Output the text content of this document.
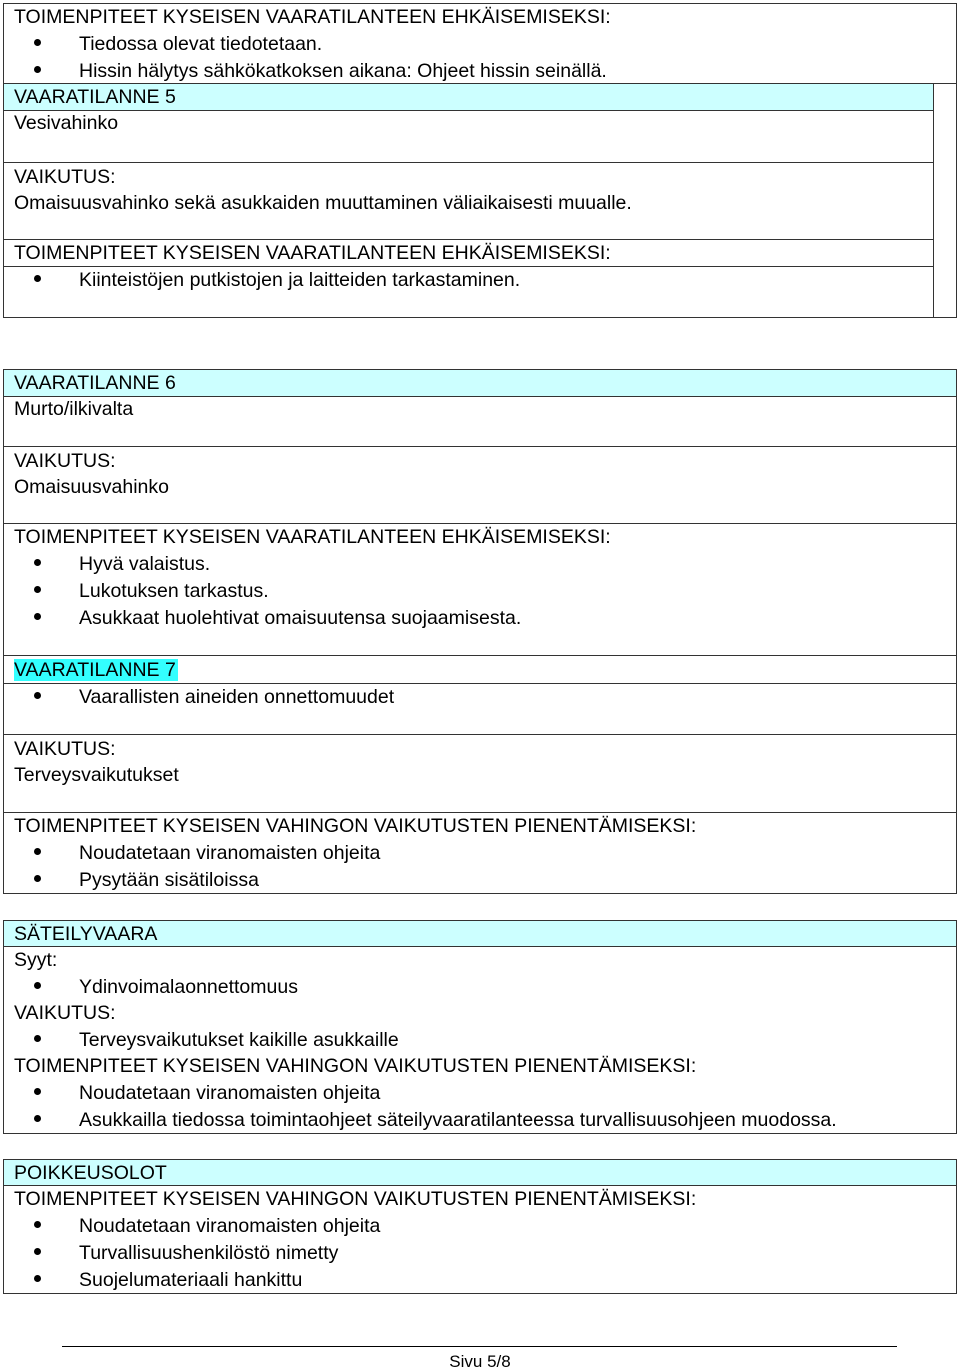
TOIMENPITEET KYSEISEN VAARATILANTEEN EHKÄISEMISEKSI:
Tiedossa olevat tiedotetaan.
Hissin hälytys sähkökatkoksen aikana: Ohjeet hissin seinällä.
VAARATILANNE 5
Vesivahinko
VAIKUTUS:
Omaisuusvahinko sekä asukkaiden muuttaminen väliaikaisesti muualle.
TOIMENPITEET KYSEISEN VAARATILANTEEN EHKÄISEMISEKSI:
Kiinteistöjen putkistojen ja laitteiden tarkastaminen.
VAARATILANNE 6
Murto/ilkivalta
VAIKUTUS:
Omaisuusvahinko
TOIMENPITEET KYSEISEN VAARATILANTEEN EHKÄISEMISEKSI:
Hyvä valaistus.
Lukotuksen tarkastus.
Asukkaat huolehtivat omaisuutensa suojaamisesta.
VAARATILANNE 7
Vaarallisten aineiden onnettomuudet
VAIKUTUS:
Terveysvaikutukset
TOIMENPITEET KYSEISEN VAHINGON VAIKUTUSTEN PIENENTÄMISEKSI:
Noudatetaan viranomaisten ohjeita
Pysytään sisätiloissa
SÄTEILYVAARA
Syyt:
Ydinvoimalaonnettomuus
VAIKUTUS:
Terveysvaikutukset kaikille asukkaille
TOIMENPITEET KYSEISEN VAHINGON VAIKUTUSTEN PIENENTÄMISEKSI:
Noudatetaan viranomaisten ohjeita
Asukkailla tiedossa toimintaohjeet säteilyvaaratilanteessa turvallisuusohjeen muodossa.
POIKKEUSOLOT
TOIMENPITEET KYSEISEN VAHINGON VAIKUTUSTEN PIENENTÄMISEKSI:
Noudatetaan viranomaisten ohjeita
Turvallisuushenkilöstö nimetty
Suojelumateriaali hankittu
Sivu 5/8
